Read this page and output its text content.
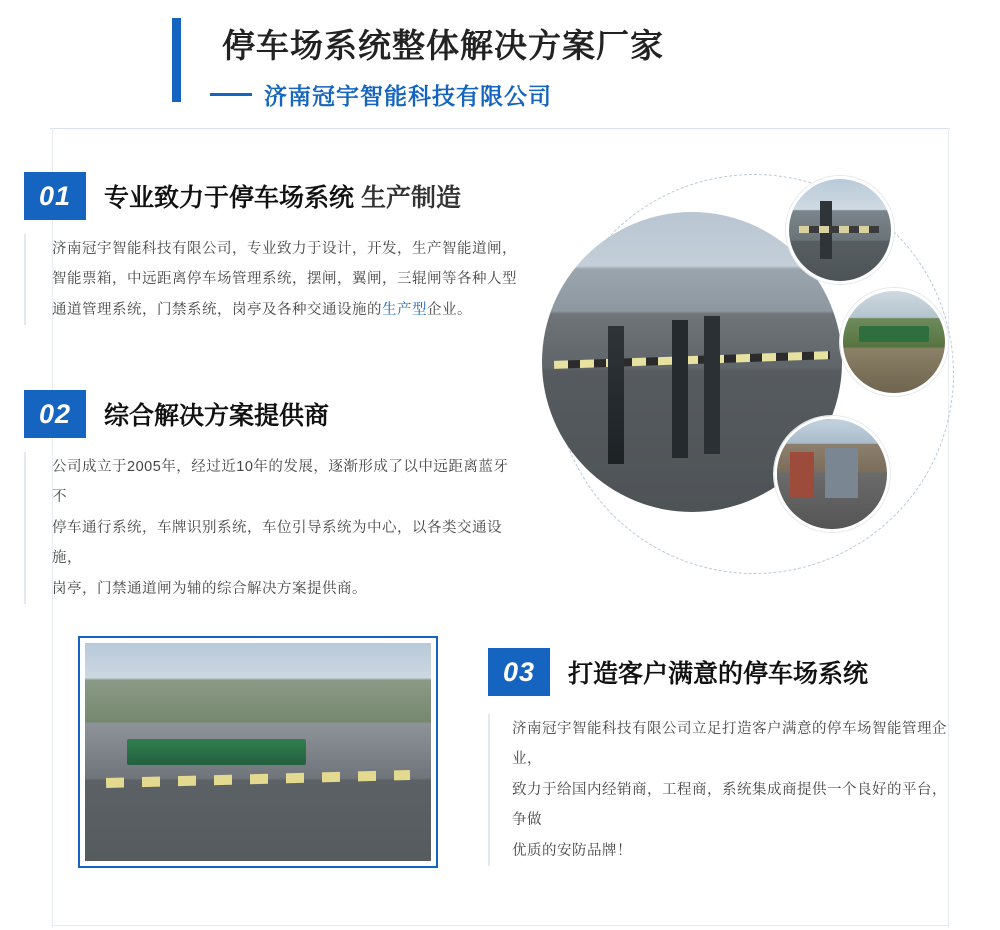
停车场系统整体解决方案厂家
济南冠宇智能科技有限公司
01	专业致力于停车场系统 生产制造
济南冠宇智能科技有限公司，专业致力于设计，开发，生产智能道闸，
智能票箱，中远距离停车场管理系统，摆闸，翼闸，三辊闸等各种人型
通道管理系统，门禁系统，岗亭及各种交通设施的生产型企业。
02	综合解决方案提供商
公司成立于2005年，经过近10年的发展，逐渐形成了以中远距离蓝牙不
停车通行系统，车牌识别系统，车位引导系统为中心，以各类交通设施，
岗亭，门禁通道闸为辅的综合解决方案提供商。
03	打造客户满意的停车场系统
济南冠宇智能科技有限公司立足打造客户满意的停车场智能管理企业，
致力于给国内经销商，工程商，系统集成商提供一个良好的平台，争做
优质的安防品牌！
